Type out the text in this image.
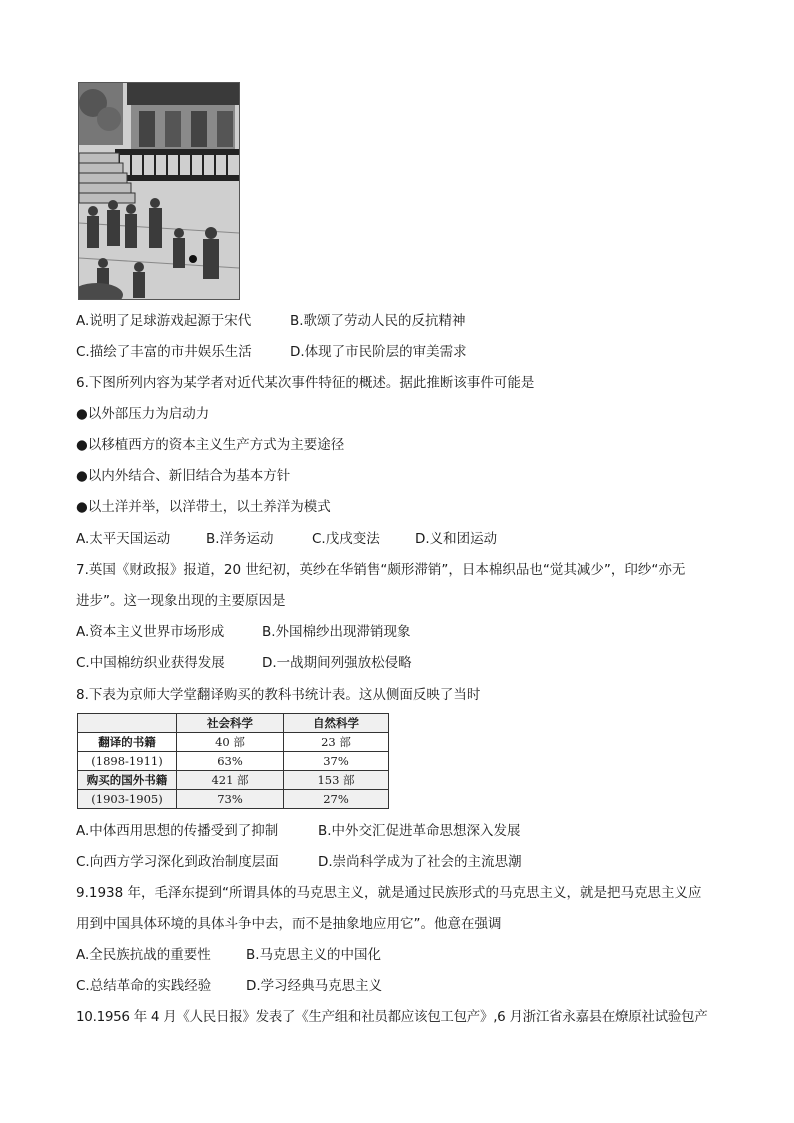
A.说明了足球游戏起源于宋代	B.歌颂了劳动人民的反抗精神
C.描绘了丰富的市井娱乐生活	D.体现了市民阶层的审美需求
6.下图所列内容为某学者对近代某次事件特征的概述。据此推断该事件可能是
●以外部压力为启动力
●以移植西方的资本主义生产方式为主要途径
●以内外结合、新旧结合为基本方针
●以土洋并举，以洋带土，以土养洋为模式
A.太平天国运动	B.洋务运动	C.戊戌变法	D.义和团运动
7.英国《财政报》报道，20 世纪初，英纱在华销售“颇形滞销”，日本棉织品也“觉其减少”，印纱“亦无
进步”。这一现象出现的主要原因是
A.资本主义世界市场形成	B.外国棉纱出现滞销现象
C.中国棉纺织业获得发展	D.一战期间列强放松侵略
8.下表为京师大学堂翻译购买的教科书统计表。这从侧面反映了当时
	社会科学	自然科学
翻译的书籍	40 部	23 部
(1898-1911)	63%	37%
购买的国外书籍	421 部	153 部
(1903-1905)	73%	27%
A.中体西用思想的传播受到了抑制	B.中外交汇促进革命思想深入发展
C.向西方学习深化到政治制度层面	D.崇尚科学成为了社会的主流思潮
9.1938 年，毛泽东提到“所谓具体的马克思主义，就是通过民族形式的马克思主义，就是把马克思主义应
用到中国具体环境的具体斗争中去，而不是抽象地应用它”。他意在强调
A.全民族抗战的重要性	B.马克思主义的中国化
C.总结革命的实践经验	D.学习经典马克思主义
10.1956 年 4 月《人民日报》发表了《生产组和社员都应该包工包产》,6 月浙江省永嘉县在燎原社试验包产
